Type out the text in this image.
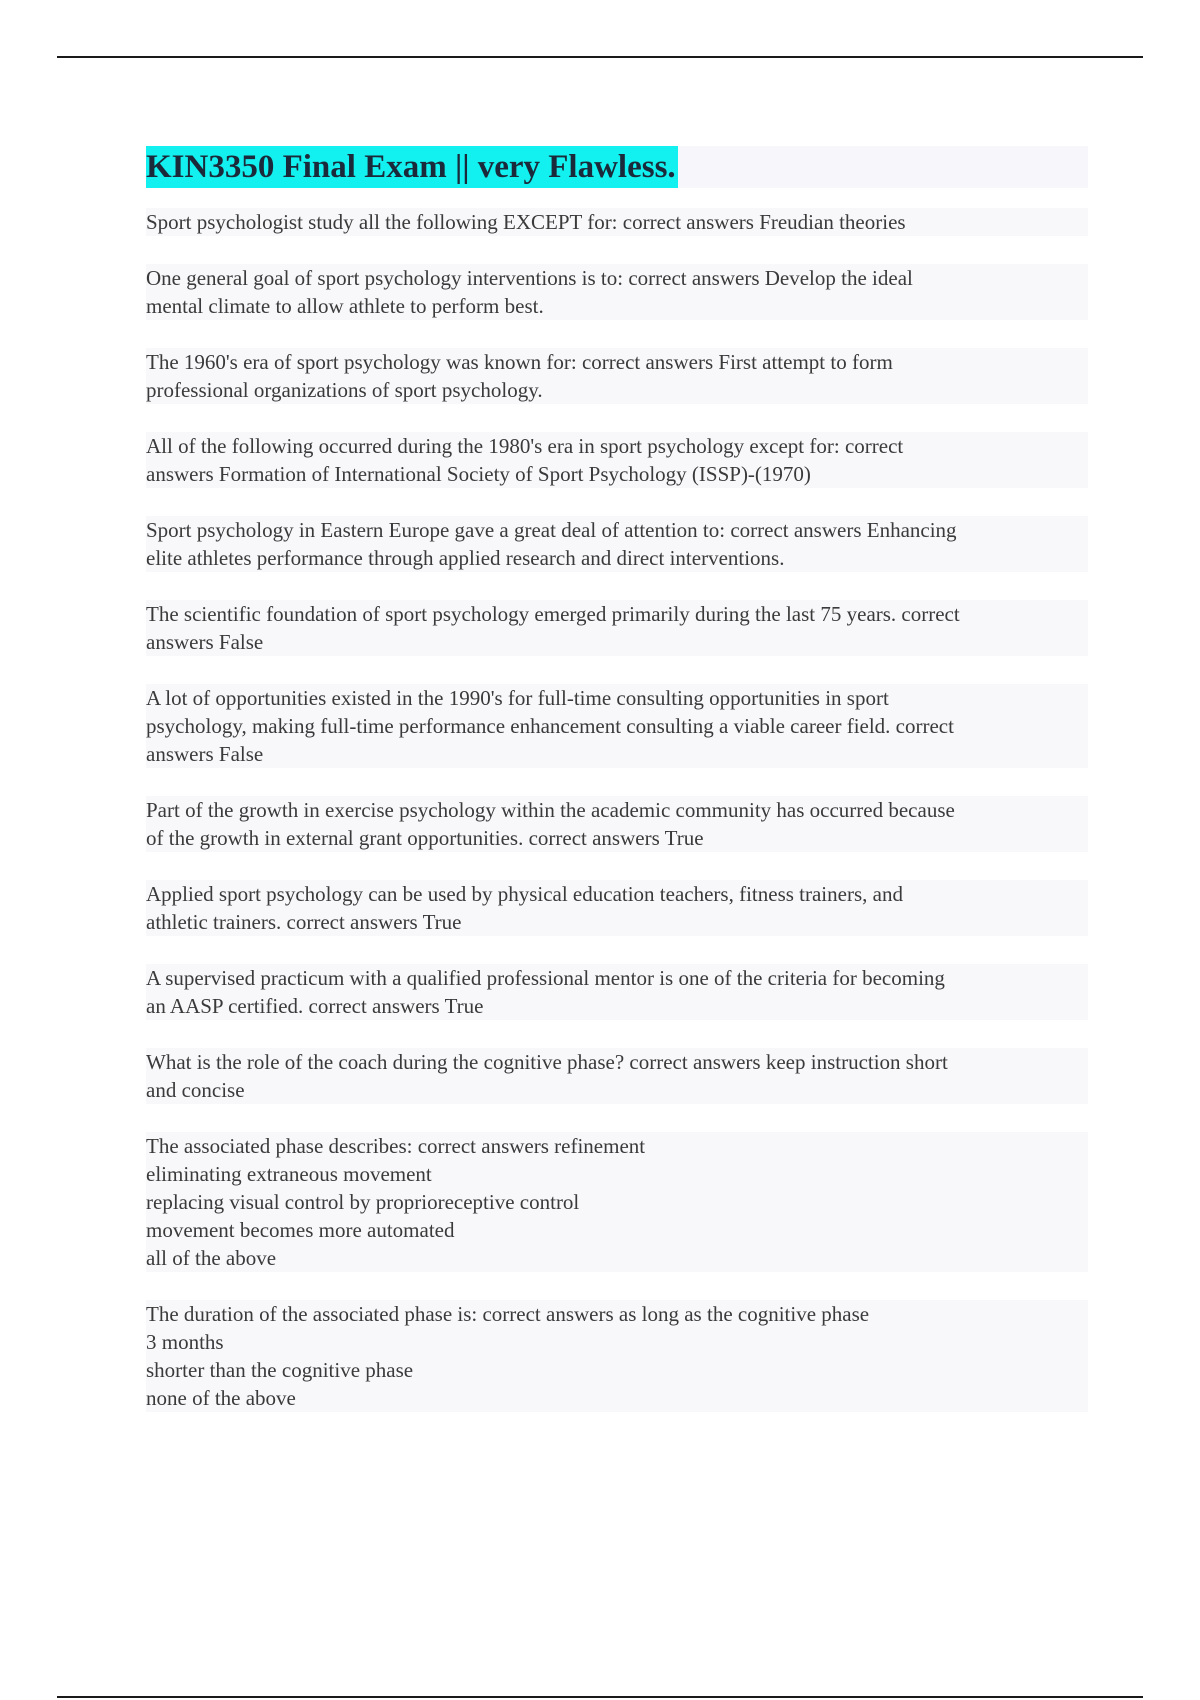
KIN3350 Final Exam || very Flawless.
Sport psychologist study all the following EXCEPT for: correct answers Freudian theories
One general goal of sport psychology interventions is to: correct answers Develop the ideal
mental climate to allow athlete to perform best.
The 1960's era of sport psychology was known for: correct answers First attempt to form
professional organizations of sport psychology.
All of the following occurred during the 1980's era in sport psychology except for: correct
answers Formation of International Society of Sport Psychology (ISSP)-(1970)
Sport psychology in Eastern Europe gave a great deal of attention to: correct answers Enhancing
elite athletes performance through applied research and direct interventions.
The scientific foundation of sport psychology emerged primarily during the last 75 years. correct
answers False
A lot of opportunities existed in the 1990's for full-time consulting opportunities in sport
psychology, making full-time performance enhancement consulting a viable career field. correct
answers False
Part of the growth in exercise psychology within the academic community has occurred because
of the growth in external grant opportunities. correct answers True
Applied sport psychology can be used by physical education teachers, fitness trainers, and
athletic trainers. correct answers True
A supervised practicum with a qualified professional mentor is one of the criteria for becoming
an AASP certified. correct answers True
What is the role of the coach during the cognitive phase? correct answers keep instruction short
and concise
The associated phase describes: correct answers refinement
eliminating extraneous movement
replacing visual control by proprioreceptive control
movement becomes more automated
all of the above
The duration of the associated phase is: correct answers as long as the cognitive phase
3 months
shorter than the cognitive phase
none of the above
